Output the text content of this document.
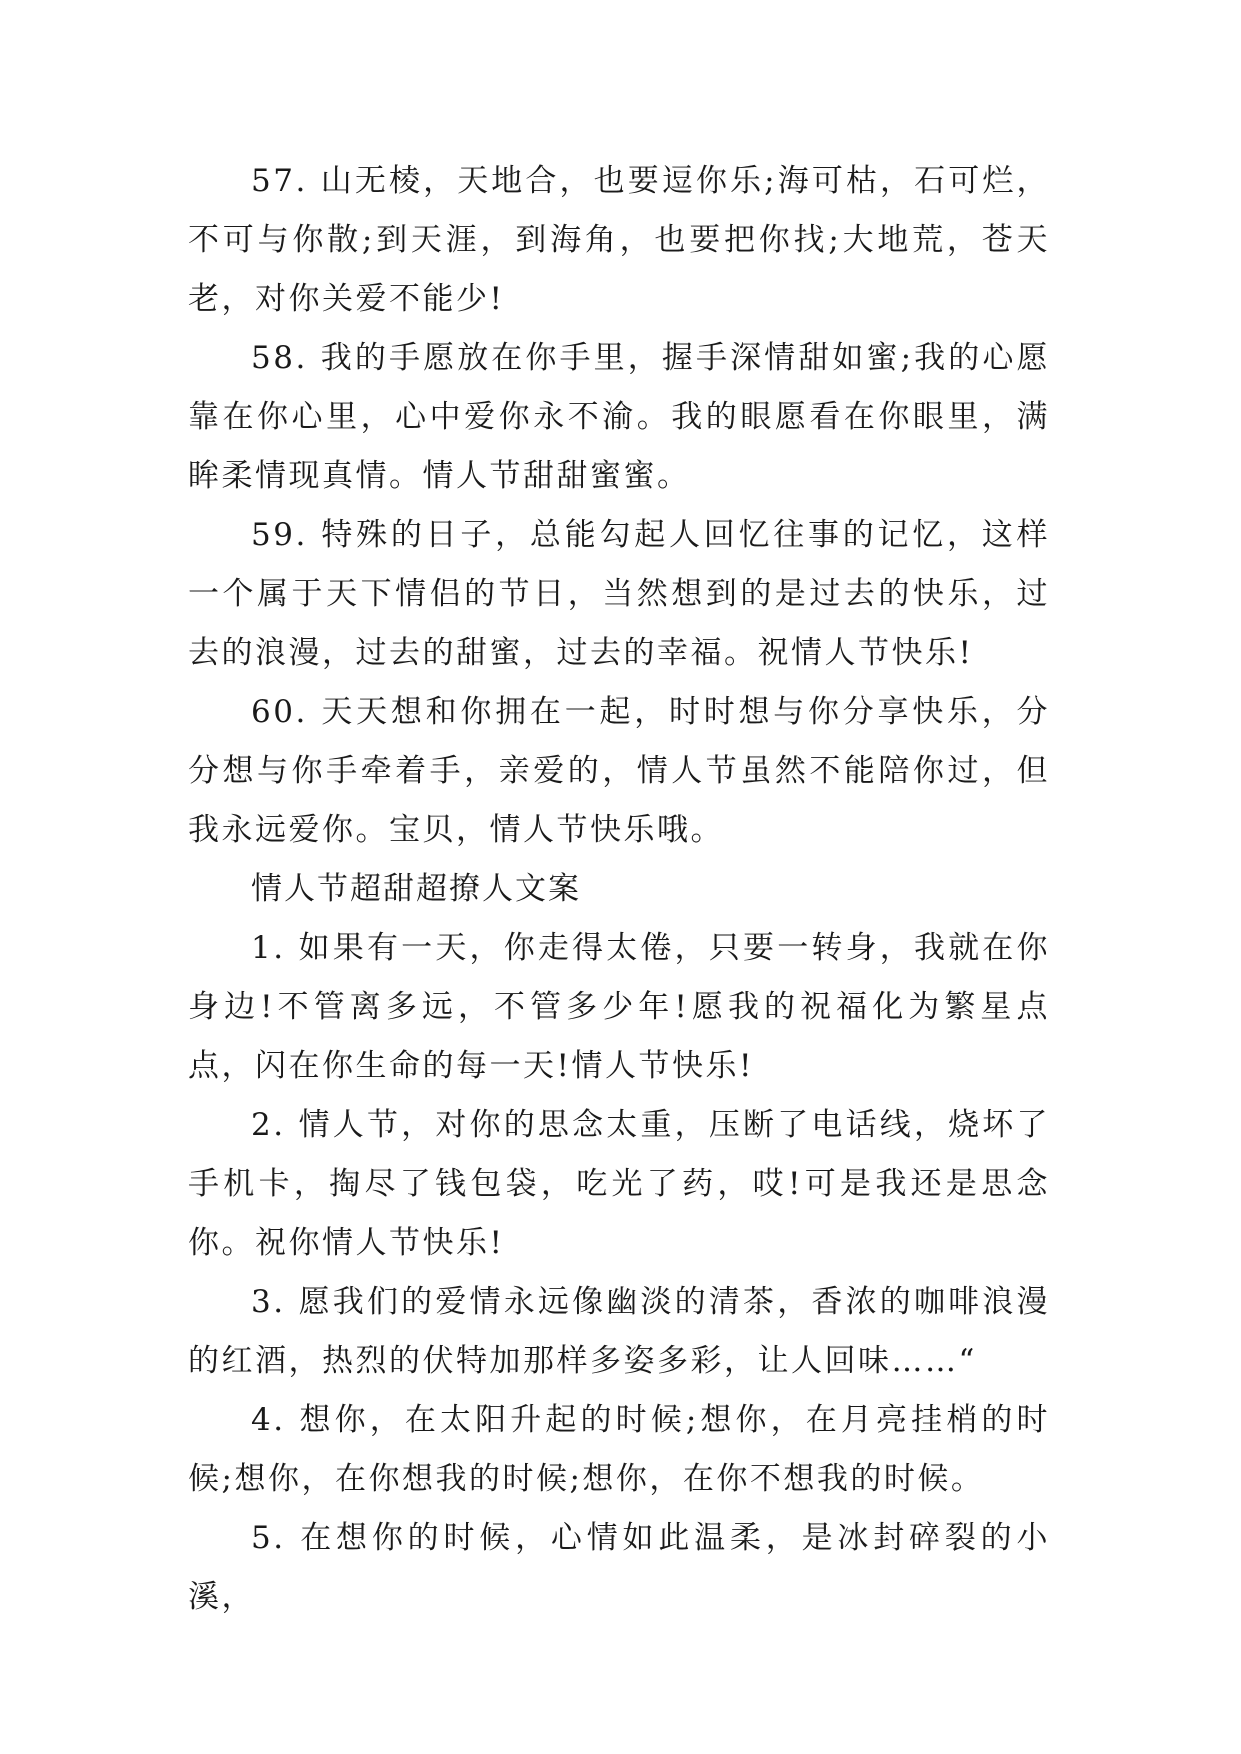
57. 山无棱，天地合，也要逗你乐;海可枯，石可烂，不可与你散;到天涯，到海角，也要把你找;大地荒，苍天老，对你关爱不能少!

58. 我的手愿放在你手里，握手深情甜如蜜;我的心愿靠在你心里，心中爱你永不渝。我的眼愿看在你眼里，满眸柔情现真情。情人节甜甜蜜蜜。

59. 特殊的日子，总能勾起人回忆往事的记忆，这样一个属于天下情侣的节日，当然想到的是过去的快乐，过去的浪漫，过去的甜蜜，过去的幸福。祝情人节快乐!

60. 天天想和你拥在一起，时时想与你分享快乐，分分想与你手牵着手，亲爱的，情人节虽然不能陪你过，但我永远爱你。宝贝，情人节快乐哦。

情人节超甜超撩人文案

1. 如果有一天，你走得太倦，只要一转身，我就在你身边!不管离多远，不管多少年!愿我的祝福化为繁星点点，闪在你生命的每一天!情人节快乐!

2. 情人节，对你的思念太重，压断了电话线，烧坏了手机卡，掏尽了钱包袋，吃光了药，哎!可是我还是思念你。祝你情人节快乐!

3. 愿我们的爱情永远像幽淡的清茶，香浓的咖啡浪漫的红酒，热烈的伏特加那样多姿多彩，让人回味……“

4. 想你，在太阳升起的时候;想你，在月亮挂梢的时候;想你，在你想我的时候;想你，在你不想我的时候。

5. 在想你的时候，心情如此温柔，是冰封碎裂的小溪，
